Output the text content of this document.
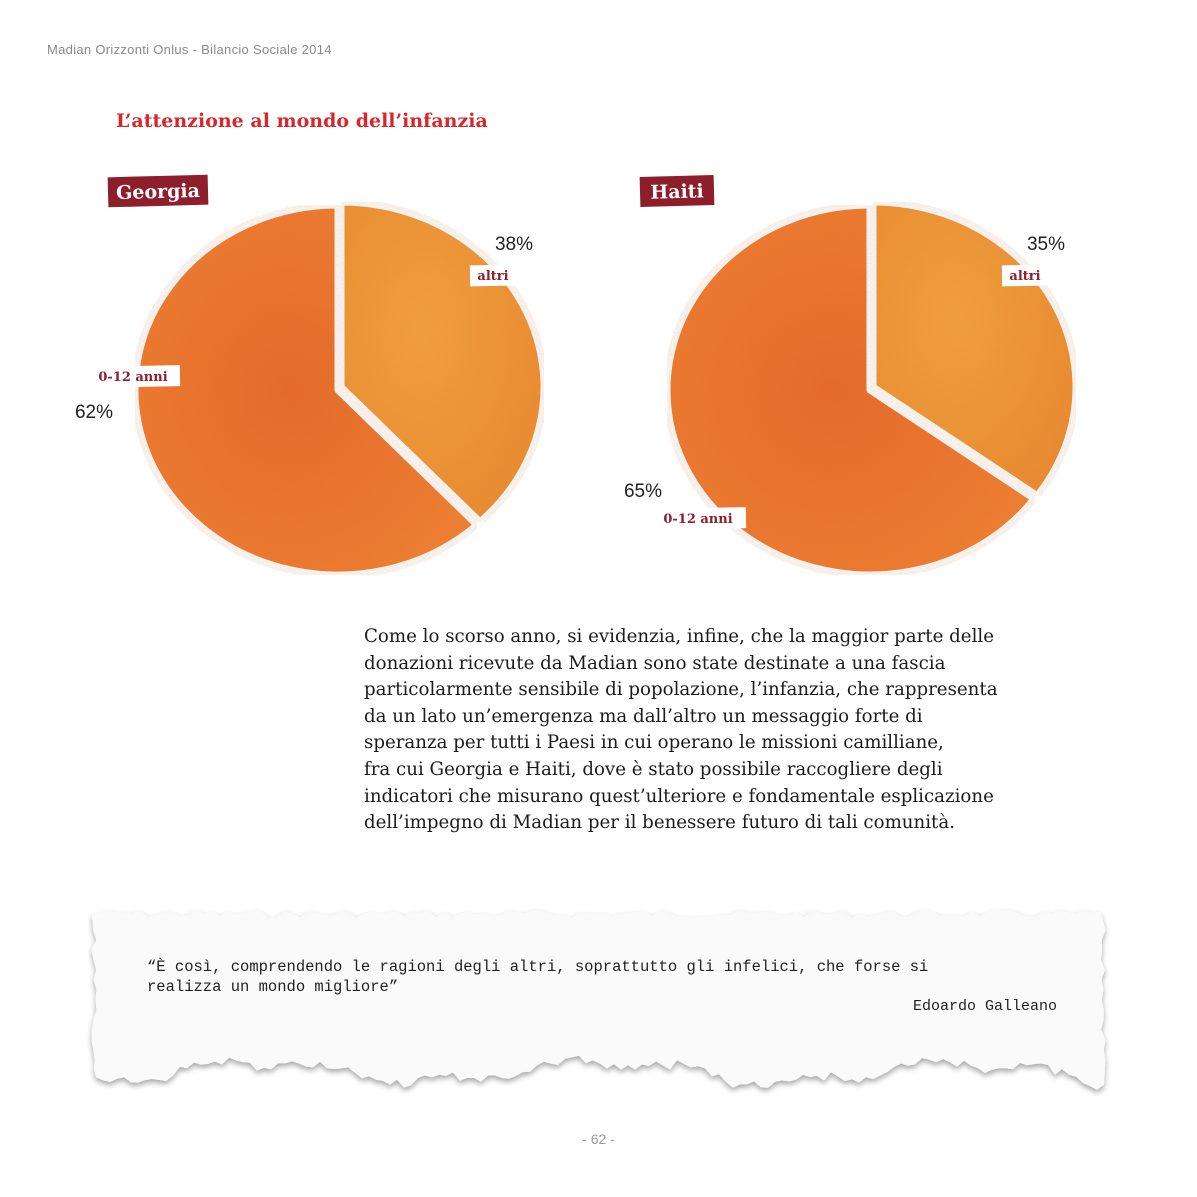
Madian Orizzonti Onlus - Bilancio Sociale 2014
L’attenzione al mondo dell’infanzia
Georgia
38%
altri
62%
0-12 anni
Haiti
35%
altri
65%
0-12 anni

Come lo scorso anno, si evidenzia, infine, che la maggior parte delle

donazioni ricevute da Madian sono state destinate a una fascia

particolarmente sensibile di popolazione, l’infanzia, che rappresenta

da un lato un’emergenza ma dall’altro un messaggio forte di

speranza per tutti i Paesi in cui operano le missioni camilliane,

fra cui Georgia e Haiti, dove è stato possibile raccogliere degli

indicatori che misurano quest’ulteriore e fondamentale esplicazione

dell’impegno di Madian per il benessere futuro di tali comunità.

“È così, comprendendo le ragioni degli altri, soprattutto gli infelici, che forse si

realizza un mondo migliore”

Edoardo Galleano
- 62 -
